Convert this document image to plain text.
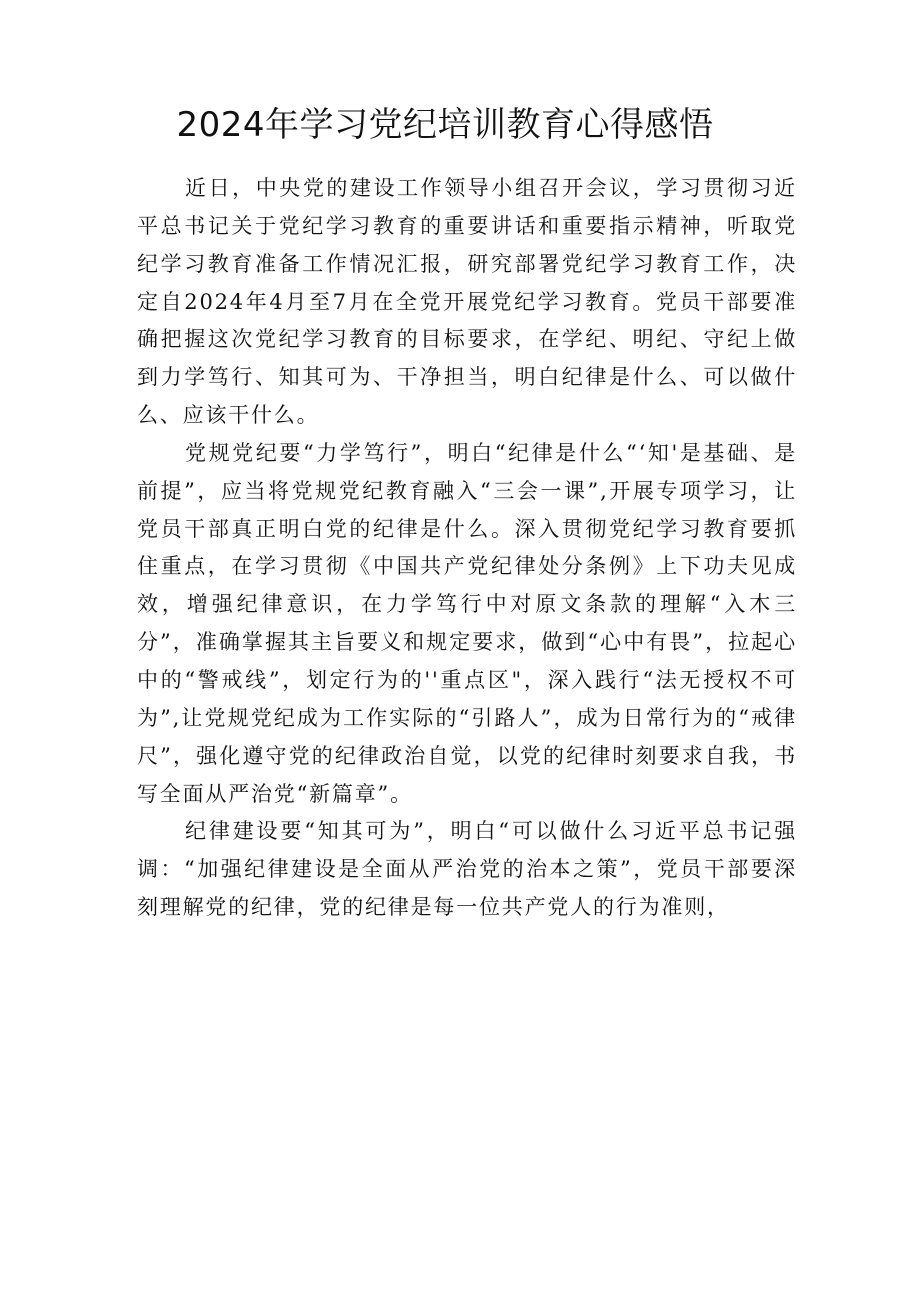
2024年学习党纪培训教育心得感悟

近日，中央党的建设工作领导小组召开会议，学习贯彻习近平总书记关于党纪学习教育的重要讲话和重要指示精神，听取党纪学习教育准备工作情况汇报，研究部署党纪学习教育工作，决定自2024年4月至7月在全党开展党纪学习教育。党员干部要准确把握这次党纪学习教育的目标要求，在学纪、明纪、守纪上做到力学笃行、知其可为、干净担当，明白纪律是什么、可以做什么、应该干什么。

党规党纪要“力学笃行”，明白“纪律是什么“‘知'是基础、是前提”，应当将党规党纪教育融入“三会一课”,开展专项学习，让党员干部真正明白党的纪律是什么。深入贯彻党纪学习教育要抓住重点，在学习贯彻《中国共产党纪律处分条例》上下功夫见成效，增强纪律意识，在力学笃行中对原文条款的理解“入木三分”，准确掌握其主旨要义和规定要求，做到“心中有畏”，拉起心中的“警戒线”，划定行为的''重点区"，深入践行“法无授权不可为”,让党规党纪成为工作实际的“引路人”，成为日常行为的“戒律尺”，强化遵守党的纪律政治自觉，以党的纪律时刻要求自我，书写全面从严治党“新篇章”。

纪律建设要“知其可为”，明白“可以做什么习近平总书记强调：“加强纪律建设是全面从严治党的治本之策”，党员干部要深刻理解党的纪律，党的纪律是每一位共产党人的行为准则，
